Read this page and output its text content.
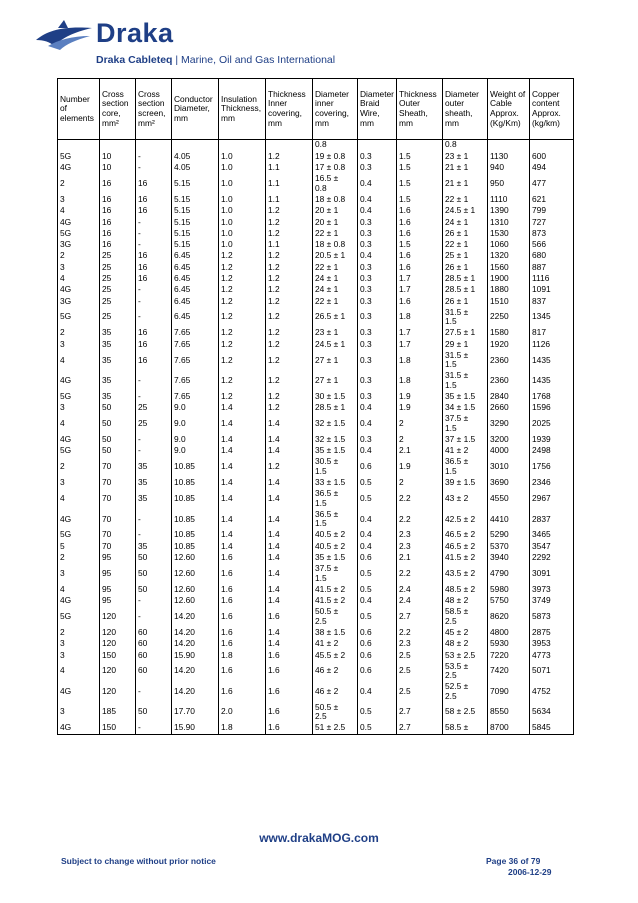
Draka
Draka Cableteq | Marine, Oil and Gas International
Number of elements	Cross section core, mm²	Cross section screen, mm²	Conductor Diameter, mm	Insulation Thickness, mm	Thickness Inner covering, mm	Diameter inner covering, mm	Diameter Braid Wire, mm	Thickness Outer Sheath, mm	Diameter outer sheath, mm	Weight of Cable Approx. (Kg/Km)	Copper content Approx. (kg/km)
						0.8			0.8		
5G	10	-	4.05	1.0	1.2	19 ± 0.8	0.3	1.5	23 ± 1	1130	600
4G	10	-	4.05	1.0	1.1	17 ± 0.8	0.3	1.5	21 ± 1	940	494
2	16	16	5.15	1.0	1.1	16.5 ± 0.8	0.4	1.5	21 ± 1	950	477
3	16	16	5.15	1.0	1.1	18 ± 0.8	0.4	1.5	22 ± 1	1110	621
4	16	16	5.15	1.0	1.2	20 ± 1	0.4	1.6	24.5 ± 1	1390	799
4G	16	-	5.15	1.0	1.2	20 ± 1	0.3	1.6	24 ± 1	1310	727
5G	16	-	5.15	1.0	1.2	22 ± 1	0.3	1.6	26 ± 1	1530	873
3G	16	-	5.15	1.0	1.1	18 ± 0.8	0.3	1.5	22 ± 1	1060	566
2	25	16	6.45	1.2	1.2	20.5 ± 1	0.4	1.6	25 ± 1	1320	680
3	25	16	6.45	1.2	1.2	22 ± 1	0.3	1.6	26 ± 1	1560	887
4	25	16	6.45	1.2	1.2	24 ± 1	0.3	1.7	28.5 ± 1	1900	1116
4G	25	-	6.45	1.2	1.2	24 ± 1	0.3	1.7	28.5 ± 1	1880	1091
3G	25	-	6.45	1.2	1.2	22 ± 1	0.3	1.6	26 ± 1	1510	837
5G	25	-	6.45	1.2	1.2	26.5 ± 1	0.3	1.8	31.5 ± 1.5	2250	1345
2	35	16	7.65	1.2	1.2	23 ± 1	0.3	1.7	27.5 ± 1	1580	817
3	35	16	7.65	1.2	1.2	24.5 ± 1	0.3	1.7	29 ± 1	1920	1126
4	35	16	7.65	1.2	1.2	27 ± 1	0.3	1.8	31.5 ± 1.5	2360	1435
4G	35	-	7.65	1.2	1.2	27 ± 1	0.3	1.8	31.5 ± 1.5	2360	1435
5G	35	-	7.65	1.2	1.2	30 ± 1.5	0.3	1.9	35 ± 1.5	2840	1768
3	50	25	9.0	1.4	1.2	28.5 ± 1	0.4	1.9	34 ± 1.5	2660	1596
4	50	25	9.0	1.4	1.4	32 ± 1.5	0.4	2	37.5 ± 1.5	3290	2025
4G	50	-	9.0	1.4	1.4	32 ± 1.5	0.3	2	37 ± 1.5	3200	1939
5G	50	-	9.0	1.4	1.4	35 ± 1.5	0.4	2.1	41 ± 2	4000	2498
2	70	35	10.85	1.4	1.2	30.5 ± 1.5	0.6	1.9	36.5 ± 1.5	3010	1756
3	70	35	10.85	1.4	1.4	33 ± 1.5	0.5	2	39 ± 1.5	3690	2346
4	70	35	10.85	1.4	1.4	36.5 ± 1.5	0.5	2.2	43 ± 2	4550	2967
4G	70	-	10.85	1.4	1.4	36.5 ± 1.5	0.4	2.2	42.5 ± 2	4410	2837
5G	70	-	10.85	1.4	1.4	40.5 ± 2	0.4	2.3	46.5 ± 2	5290	3465
5	70	35	10.85	1.4	1.4	40.5 ± 2	0.4	2.3	46.5 ± 2	5370	3547
2	95	50	12.60	1.6	1.4	35 ± 1.5	0.6	2.1	41.5 ± 2	3940	2292
3	95	50	12.60	1.6	1.4	37.5 ± 1.5	0.5	2.2	43.5 ± 2	4790	3091
4	95	50	12.60	1.6	1.4	41.5 ± 2	0.5	2.4	48.5 ± 2	5980	3973
4G	95	-	12.60	1.6	1.4	41.5 ± 2	0.4	2.4	48 ± 2	5750	3749
5G	120	-	14.20	1.6	1.6	50.5 ± 2.5	0.5	2.7	58.5 ± 2.5	8620	5873
2	120	60	14.20	1.6	1.4	38 ± 1.5	0.6	2.2	45 ± 2	4800	2875
3	120	60	14.20	1.6	1.4	41 ± 2	0.6	2.3	48 ± 2	5930	3953
3	150	60	15.90	1.8	1.6	45.5 ± 2	0.6	2.5	53 ± 2.5	7220	4773
4	120	60	14.20	1.6	1.6	46 ± 2	0.6	2.5	53.5 ± 2.5	7420	5071
4G	120	-	14.20	1.6	1.6	46 ± 2	0.4	2.5	52.5 ± 2.5	7090	4752
3	185	50	17.70	2.0	1.6	50.5 ± 2.5	0.5	2.7	58 ± 2.5	8550	5634
4G	150	-	15.90	1.8	1.6	51 ± 2.5	0.5	2.7	58.5 ±	8700	5845
www.drakaMOG.com
Subject to change without prior notice	Page 36 of 79
2006-12-29
